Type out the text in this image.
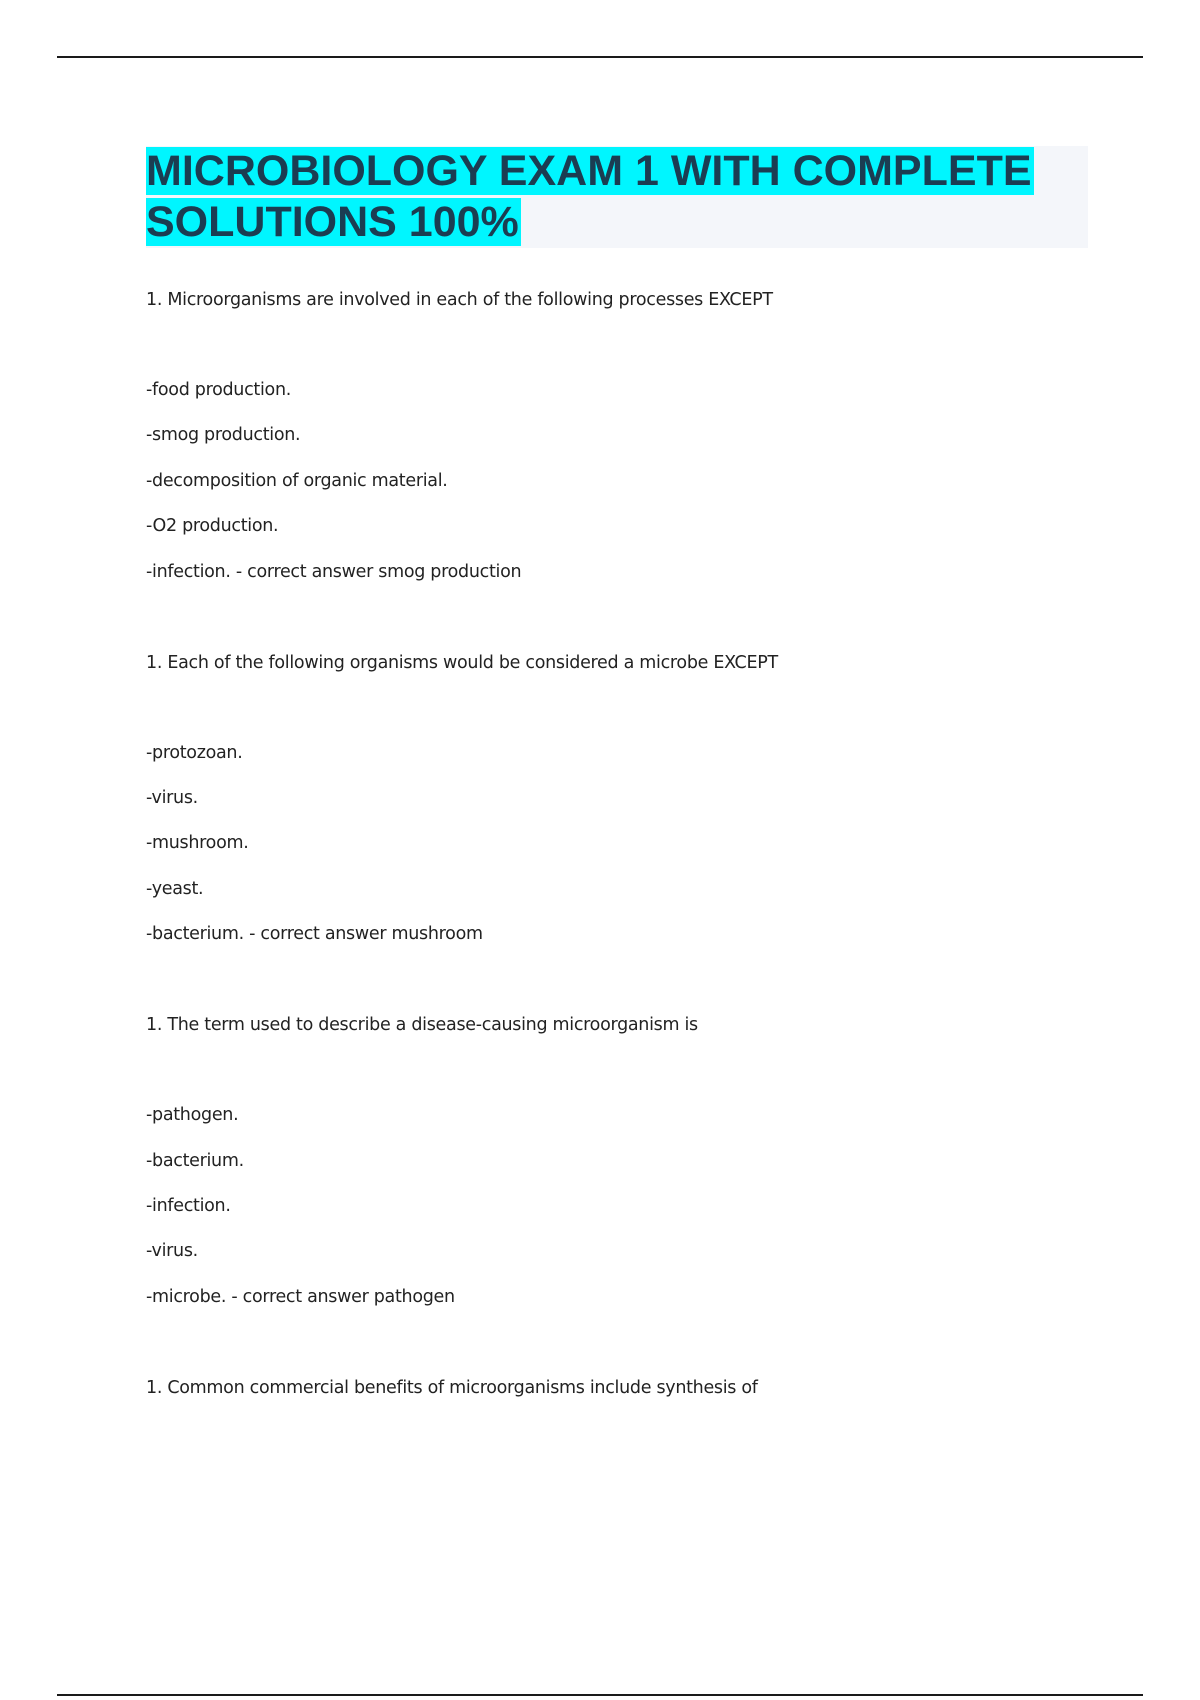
MICROBIOLOGY EXAM 1 WITH COMPLETE
SOLUTIONS 100%

1. Microorganisms are involved in each of the following processes EXCEPT

-food production.

-smog production.

-decomposition of organic material.

-O2 production.

-infection. - correct answer smog production

1. Each of the following organisms would be considered a microbe EXCEPT

-protozoan.

-virus.

-mushroom.

-yeast.

-bacterium. - correct answer mushroom

1. The term used to describe a disease-causing microorganism is

-pathogen.

-bacterium.

-infection.

-virus.

-microbe. - correct answer pathogen

1. Common commercial benefits of microorganisms include synthesis of
